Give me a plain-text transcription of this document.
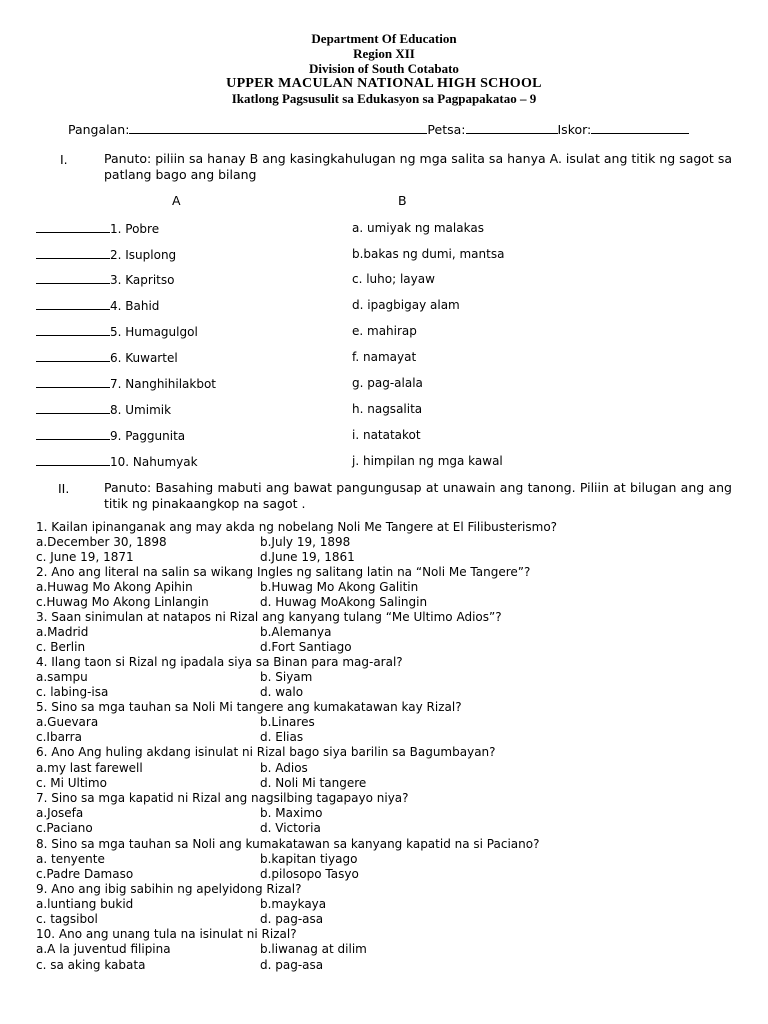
Department Of Education
Region XII
Division of South Cotabato
UPPER MACULAN NATIONAL HIGH SCHOOL
Ikatlong Pagsusulit sa Edukasyon sa Pagpapakatao – 9
Pangalan:	Petsa:	Iskor:
I.	Panuto: piliin sa hanay B ang kasingkahulugan ng mga salita sa hanya A. isulat ang titik ng sagot sa patlang bago ang bilang
A	B
1. Pobre	a. umiyak ng malakas
2. Isuplong	b.bakas ng dumi, mantsa
3. Kapritso	c. luho; layaw
4. Bahid	d. ipagbigay alam
5. Humagulgol	e. mahirap
6. Kuwartel	f. namayat
7. Nanghihilakbot	g. pag-alala
8. Umimik	h. nagsalita
9. Paggunita	i. natatakot
10. Nahumyak	j. himpilan ng mga kawal
II.	Panuto: Basahing mabuti ang bawat pangungusap at unawain ang tanong. Piliin at bilugan ang ang titik ng pinakaangkop na sagot .
1. Kailan ipinanganak ang may akda ng nobelang Noli Me Tangere at El Filibusterismo?
a.December 30, 1898	b.July 19, 1898
c. June 19, 1871	d.June 19, 1861
2. Ano ang literal na salin sa wikang Ingles ng salitang latin na “Noli Me Tangere”?
a.Huwag Mo Akong Apihin	b.Huwag Mo Akong Galitin
c.Huwag Mo Akong Linlangin	d. Huwag MoAkong Salingin
3. Saan sinimulan at natapos ni Rizal ang kanyang tulang “Me Ultimo Adios”?
a.Madrid	b.Alemanya
c. Berlin	d.Fort Santiago
4. Ilang taon si Rizal ng ipadala siya sa Binan para mag-aral?
a.sampu	b. Siyam
c. labing-isa	d. walo
5. Sino sa mga tauhan sa Noli Mi tangere ang kumakatawan kay Rizal?
a.Guevara	b.Linares
c.Ibarra	d. Elias
6. Ano Ang huling akdang isinulat ni Rizal bago siya barilin sa Bagumbayan?
a.my last farewell	b. Adios
c. Mi Ultimo	d. Noli Mi tangere
7. Sino sa mga kapatid ni Rizal ang nagsilbing tagapayo niya?
a.Josefa	b. Maximo
c.Paciano	d. Victoria
8. Sino sa mga tauhan sa Noli ang kumakatawan sa kanyang kapatid na si Paciano?
a. tenyente	b.kapitan tiyago
c.Padre Damaso	d.pilosopo Tasyo
9. Ano ang ibig sabihin ng apelyidong Rizal?
a.luntiang bukid	b.maykaya
c. tagsibol	d. pag-asa
10. Ano ang unang tula na isinulat ni Rizal?
a.A la juventud filipina	b.liwanag at dilim
c. sa aking kabata	d. pag-asa
